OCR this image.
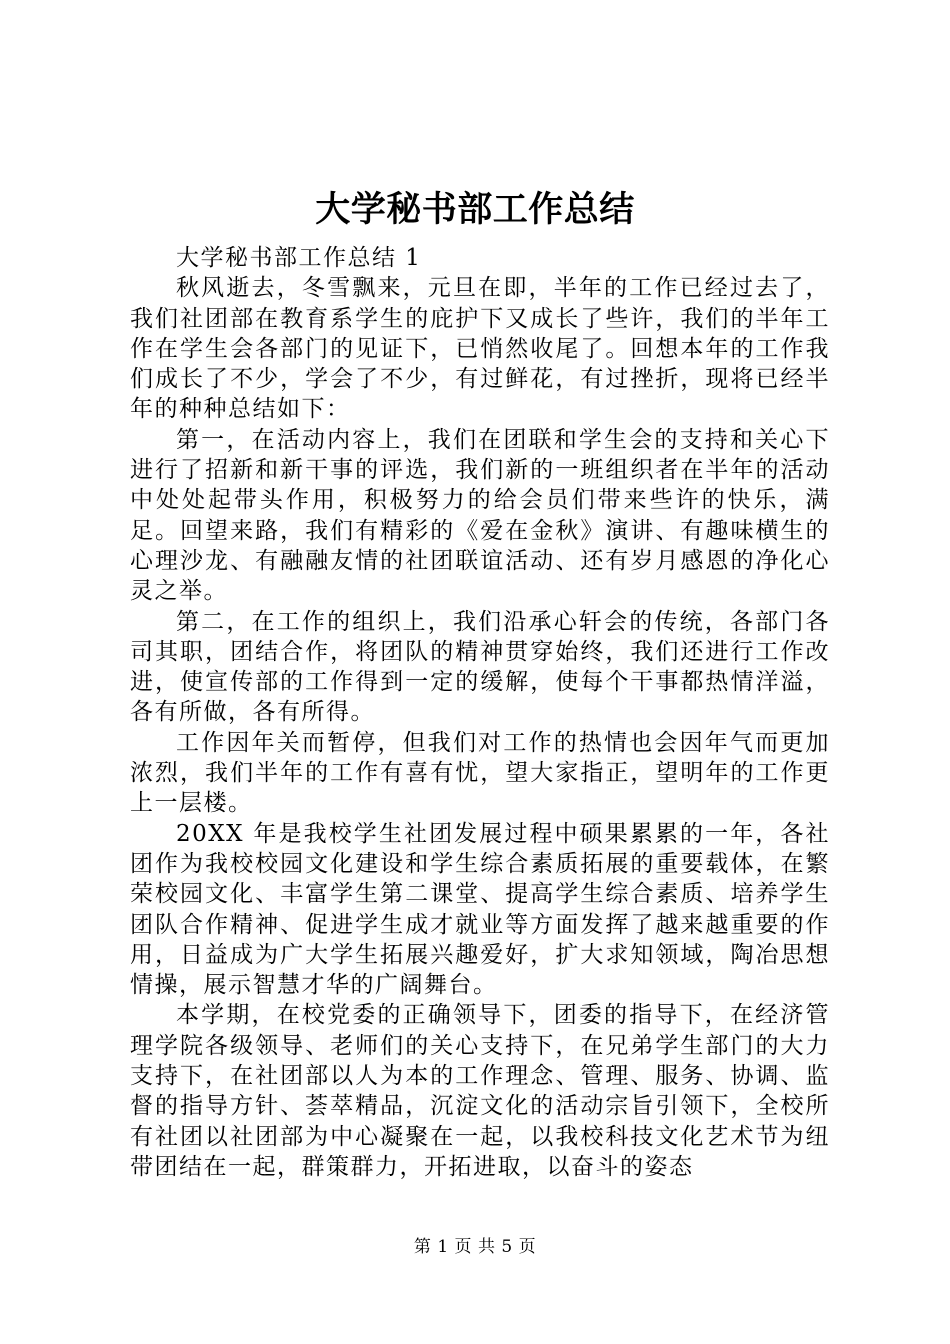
大学秘书部工作总结

大学秘书部工作总结 1

秋风逝去，冬雪飘来，元旦在即，半年的工作已经过去了，我们社团部在教育系学生的庇护下又成长了些许，我们的半年工作在学生会各部门的见证下，已悄然收尾了。回想本年的工作我们成长了不少，学会了不少，有过鲜花，有过挫折，现将已经半年的种种总结如下：

第一，在活动内容上，我们在团联和学生会的支持和关心下进行了招新和新干事的评选，我们新的一班组织者在半年的活动中处处起带头作用，积极努力的给会员们带来些许的快乐，满足。回望来路，我们有精彩的《爱在金秋》演讲、有趣味横生的心理沙龙、有融融友情的社团联谊活动、还有岁月感恩的净化心灵之举。

第二，在工作的组织上，我们沿承心轩会的传统，各部门各司其职，团结合作，将团队的精神贯穿始终，我们还进行工作改进，使宣传部的工作得到一定的缓解，使每个干事都热情洋溢，各有所做，各有所得。

工作因年关而暂停，但我们对工作的热情也会因年气而更加浓烈，我们半年的工作有喜有忧，望大家指正，望明年的工作更上一层楼。

20XX 年是我校学生社团发展过程中硕果累累的一年，各社团作为我校校园文化建设和学生综合素质拓展的重要载体，在繁荣校园文化、丰富学生第二课堂、提高学生综合素质、培养学生团队合作精神、促进学生成才就业等方面发挥了越来越重要的作用，日益成为广大学生拓展兴趣爱好，扩大求知领域，陶冶思想情操，展示智慧才华的广阔舞台。

本学期，在校党委的正确领导下，团委的指导下，在经济管理学院各级领导、老师们的关心支持下，在兄弟学生部门的大力支持下，在社团部以人为本的工作理念、管理、服务、协调、监督的指导方针、荟萃精品，沉淀文化的活动宗旨引领下，全校所有社团以社团部为中心凝聚在一起，以我校科技文化艺术节为纽带团结在一起，群策群力，开拓进取，以奋斗的姿态

第 1 页 共 5 页
